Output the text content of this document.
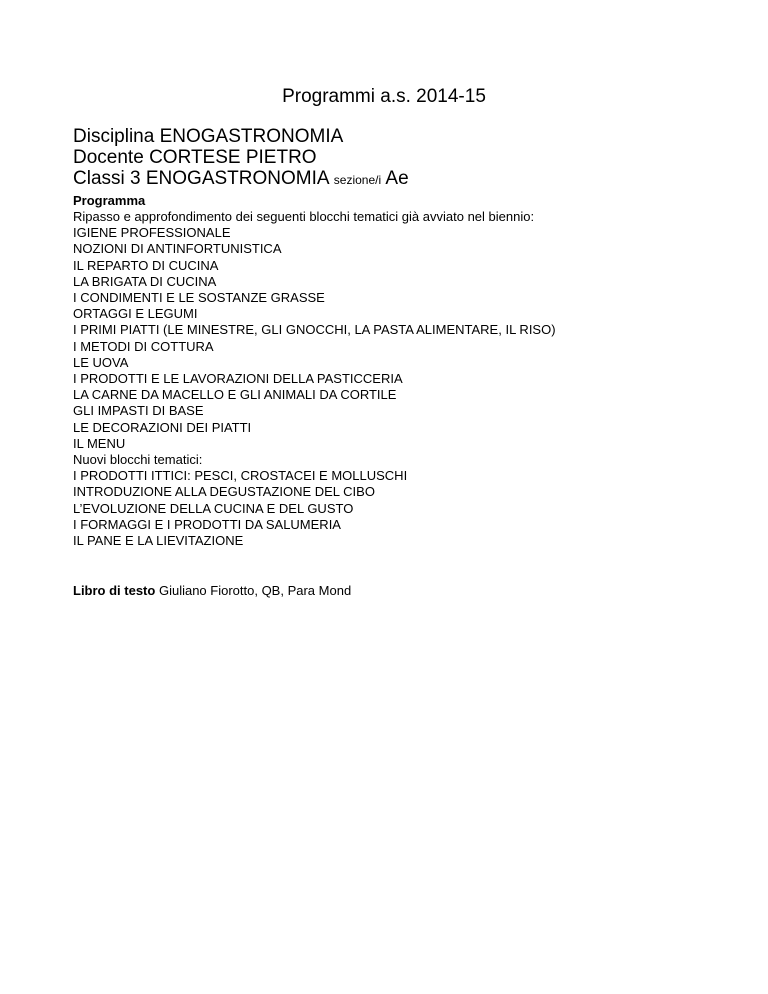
Programmi a.s. 2014-15
Disciplina ENOGASTRONOMIA
Docente CORTESE PIETRO
Classi 3 ENOGASTRONOMIA sezione/i Ae
Programma
Ripasso e approfondimento dei seguenti blocchi tematici già avviato nel biennio:
IGIENE PROFESSIONALE
NOZIONI DI ANTINFORTUNISTICA
IL REPARTO DI CUCINA
LA BRIGATA DI CUCINA
I CONDIMENTI E LE SOSTANZE GRASSE
ORTAGGI E LEGUMI
I PRIMI PIATTI (LE MINESTRE, GLI GNOCCHI, LA PASTA ALIMENTARE, IL RISO)
I METODI DI COTTURA
LE UOVA
I PRODOTTI E LE LAVORAZIONI DELLA PASTICCERIA
LA CARNE DA MACELLO E GLI ANIMALI DA CORTILE
GLI IMPASTI DI BASE
LE DECORAZIONI DEI PIATTI
IL MENU
Nuovi blocchi tematici:
I PRODOTTI ITTICI: PESCI, CROSTACEI E MOLLUSCHI
INTRODUZIONE ALLA DEGUSTAZIONE DEL CIBO
L’EVOLUZIONE DELLA CUCINA E DEL GUSTO
I FORMAGGI E I PRODOTTI DA SALUMERIA
IL PANE E LA LIEVITAZIONE
Libro di testo Giuliano Fiorotto, QB, Para Mond
